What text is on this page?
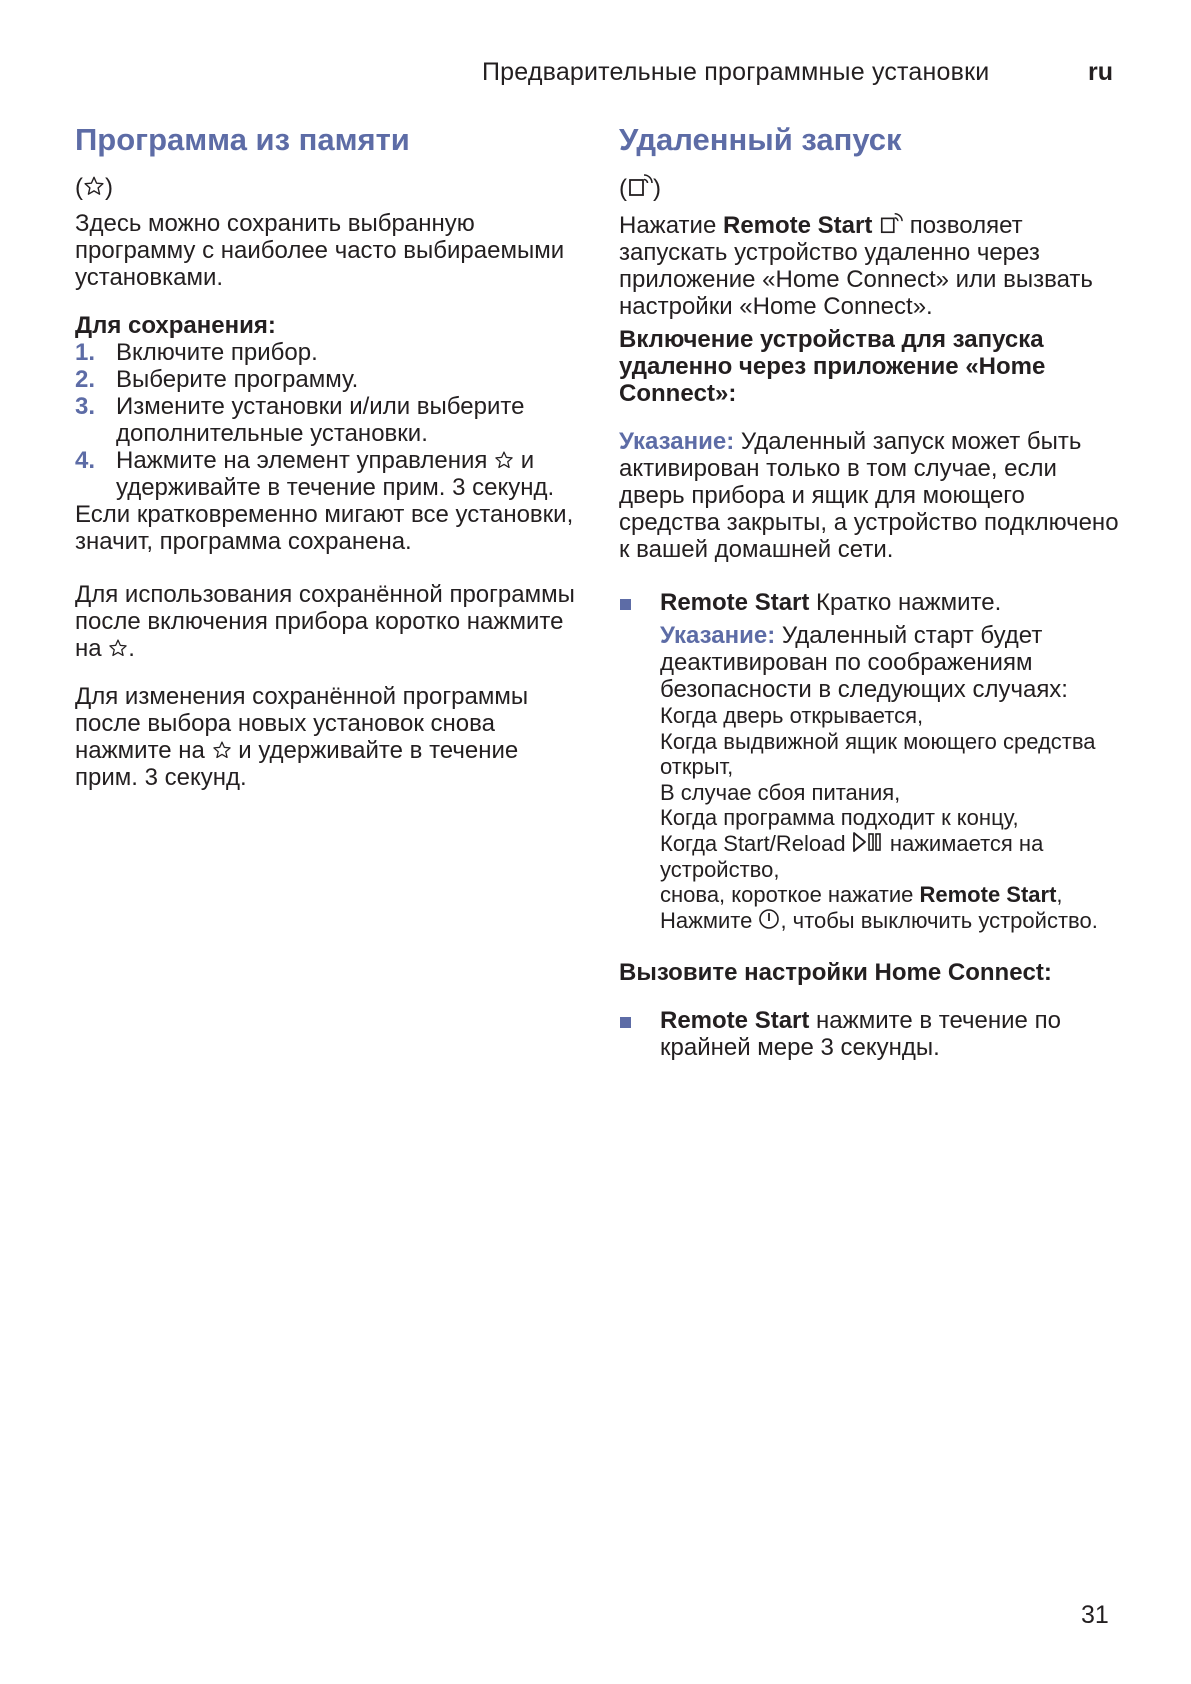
Предварительные программные установки	ru
Программа из памяти
( )

Здесь можно сохранить выбранную программу с наиболее часто выбираемыми установками.

Для сохранения:

1. Включите прибор.
2. Выберите программу.
3. Измените установки и/или выберите дополнительные установки.
4. Нажмите на элемент управления и удерживайте в течение прим. 3 секунд.

Если кратковременно мигают все установки, значит, программа сохранена.

Для использования сохранённой программы после включения прибора коротко нажмите на .

Для изменения сохранённой программы после выбора новых установок снова нажмите на и удерживайте в течение прим. 3 секунд.

Удаленный запуск
( )

Нажатие Remote Start позволяет запускать устройство удаленно через приложение «Home Connect» или вызвать настройки «Home Connect».

Включение устройства для запуска удаленно через приложение «Home Connect»:

Указание: Удаленный запуск может быть активирован только в том случае, если дверь прибора и ящик для моющего средства закрыты, а устройство подключено к вашей домашней сети.

Remote Start Кратко нажмите.

Указание: Удаленный старт будет деактивирован по соображениям безопасности в следующих случаях:

Когда дверь открывается,
Когда выдвижной ящик моющего средства открыт,
В случае сбоя питания,
Когда программа подходит к концу,
Когда Start/Reload нажимается на устройство,
снова, короткое нажатие Remote Start,
Нажмите , чтобы выключить устройство.

Вызовите настройки Home Connect:

Remote Start нажмите в течение по крайней мере 3 секунды.

31
